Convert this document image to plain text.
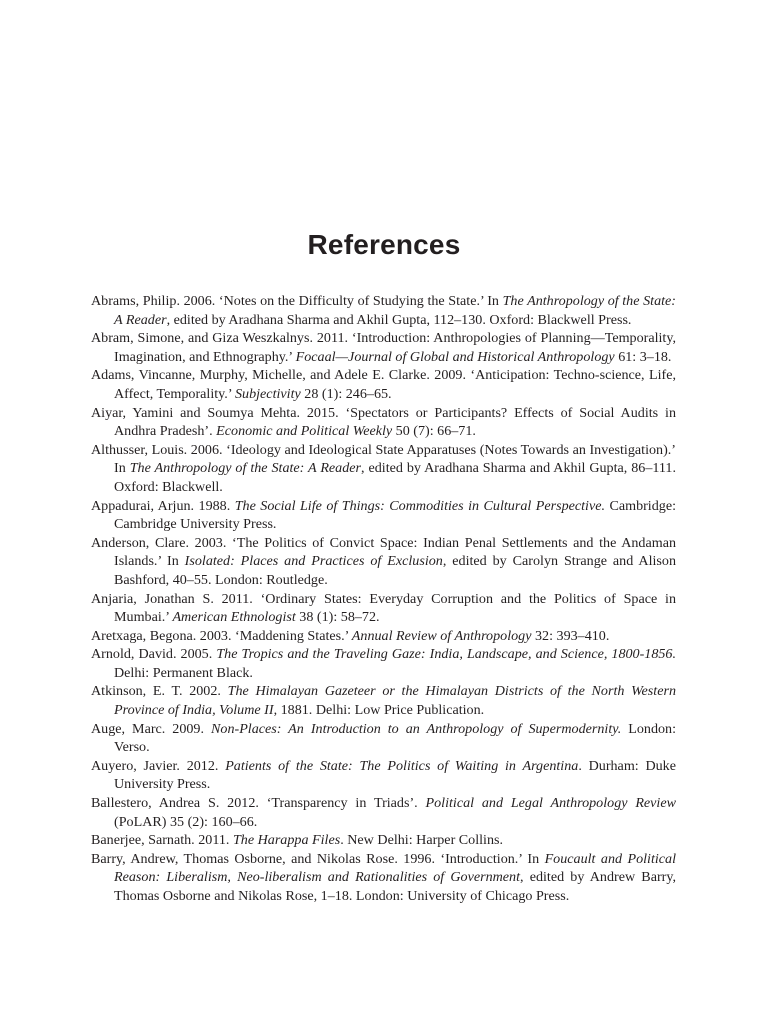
References
Abrams, Philip. 2006. ‘Notes on the Difficulty of Studying the State.’ In The Anthropology of the State: A Reader, edited by Aradhana Sharma and Akhil Gupta, 112–130. Oxford: Blackwell Press.
Abram, Simone, and Giza Weszkalnys. 2011. ‘Introduction: Anthropologies of Planning—Temporality, Imagination, and Ethnography.’ Focaal—Journal of Global and Historical Anthropology 61: 3–18.
Adams, Vincanne, Murphy, Michelle, and Adele E. Clarke. 2009. ‘Anticipation: Techno-science, Life, Affect, Temporality.’ Subjectivity 28 (1): 246–65.
Aiyar, Yamini and Soumya Mehta. 2015. ‘Spectators or Participants? Effects of Social Audits in Andhra Pradesh’. Economic and Political Weekly 50 (7): 66–71.
Althusser, Louis. 2006. ‘Ideology and Ideological State Apparatuses (Notes Towards an Investigation).’ In The Anthropology of the State: A Reader, edited by Aradhana Sharma and Akhil Gupta, 86–111. Oxford: Blackwell.
Appadurai, Arjun. 1988. The Social Life of Things: Commodities in Cultural Perspective. Cambridge: Cambridge University Press.
Anderson, Clare. 2003. ‘The Politics of Convict Space: Indian Penal Settlements and the Andaman Islands.’ In Isolated: Places and Practices of Exclusion, edited by Carolyn Strange and Alison Bashford, 40–55. London: Routledge.
Anjaria, Jonathan S. 2011. ‘Ordinary States: Everyday Corruption and the Politics of Space in Mumbai.’ American Ethnologist 38 (1): 58–72.
Aretxaga, Begona. 2003. ‘Maddening States.’ Annual Review of Anthropology 32: 393–410.
Arnold, David. 2005. The Tropics and the Traveling Gaze: India, Landscape, and Science, 1800-1856. Delhi: Permanent Black.
Atkinson, E. T. 2002. The Himalayan Gazeteer or the Himalayan Districts of the North Western Province of India, Volume II, 1881. Delhi: Low Price Publication.
Auge, Marc. 2009. Non-Places: An Introduction to an Anthropology of Supermodernity. London: Verso.
Auyero, Javier. 2012. Patients of the State: The Politics of Waiting in Argentina. Durham: Duke University Press.
Ballestero, Andrea S. 2012. ‘Transparency in Triads’. Political and Legal Anthropology Review (PoLAR) 35 (2): 160–66.
Banerjee, Sarnath. 2011. The Harappa Files. New Delhi: Harper Collins.
Barry, Andrew, Thomas Osborne, and Nikolas Rose. 1996. ‘Introduction.’ In Foucault and Political Reason: Liberalism, Neo-liberalism and Rationalities of Government, edited by Andrew Barry, Thomas Osborne and Nikolas Rose, 1–18. London: University of Chicago Press.
